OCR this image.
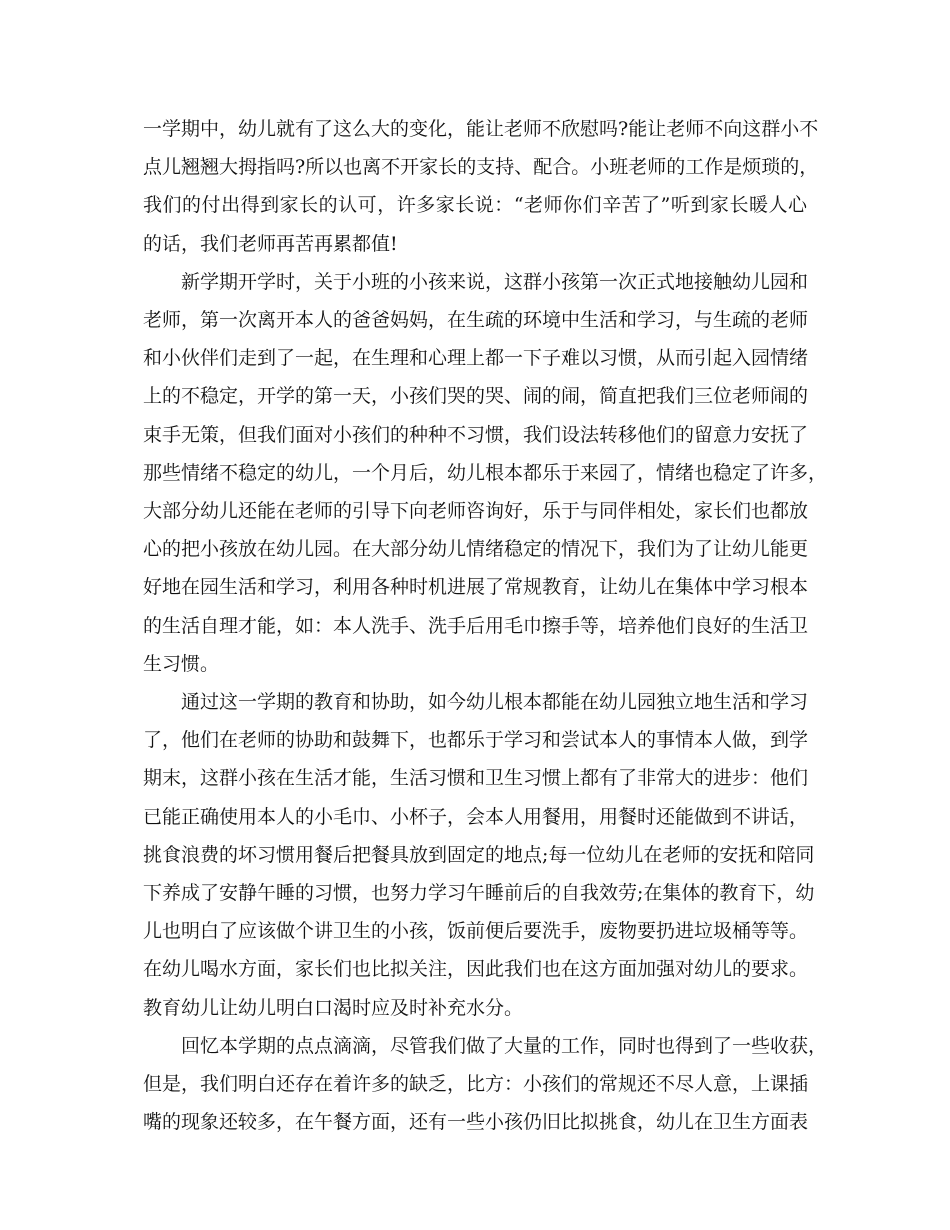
一学期中，幼儿就有了这么大的变化，能让老师不欣慰吗?能让老师不向这群小不
点儿翘翘大拇指吗?所以也离不开家长的支持、配合。小班老师的工作是烦琐的，
我们的付出得到家长的认可，许多家长说：“老师你们辛苦了”听到家长暖人心
的话，我们老师再苦再累都值!
新学期开学时，关于小班的小孩来说，这群小孩第一次正式地接触幼儿园和
老师，第一次离开本人的爸爸妈妈，在生疏的环境中生活和学习，与生疏的老师
和小伙伴们走到了一起，在生理和心理上都一下子难以习惯，从而引起入园情绪
上的不稳定，开学的第一天，小孩们哭的哭、闹的闹，简直把我们三位老师闹的
束手无策，但我们面对小孩们的种种不习惯，我们设法转移他们的留意力安抚了
那些情绪不稳定的幼儿，一个月后，幼儿根本都乐于来园了，情绪也稳定了许多，
大部分幼儿还能在老师的引导下向老师咨询好，乐于与同伴相处，家长们也都放
心的把小孩放在幼儿园。在大部分幼儿情绪稳定的情况下，我们为了让幼儿能更
好地在园生活和学习，利用各种时机进展了常规教育，让幼儿在集体中学习根本
的生活自理才能，如：本人洗手、洗手后用毛巾擦手等，培养他们良好的生活卫
生习惯。
通过这一学期的教育和协助，如今幼儿根本都能在幼儿园独立地生活和学习
了，他们在老师的协助和鼓舞下，也都乐于学习和尝试本人的事情本人做，到学
期末，这群小孩在生活才能，生活习惯和卫生习惯上都有了非常大的进步：他们
已能正确使用本人的小毛巾、小杯子，会本人用餐用，用餐时还能做到不讲话，
挑食浪费的坏习惯用餐后把餐具放到固定的地点;每一位幼儿在老师的安抚和陪同
下养成了安静午睡的习惯，也努力学习午睡前后的自我效劳;在集体的教育下，幼
儿也明白了应该做个讲卫生的小孩，饭前便后要洗手，废物要扔进垃圾桶等等。
在幼儿喝水方面，家长们也比拟关注，因此我们也在这方面加强对幼儿的要求。
教育幼儿让幼儿明白口渴时应及时补充水分。
回忆本学期的点点滴滴，尽管我们做了大量的工作，同时也得到了一些收获，
但是，我们明白还存在着许多的缺乏，比方：小孩们的常规还不尽人意，上课插
嘴的现象还较多，在午餐方面，还有一些小孩仍旧比拟挑食，幼儿在卫生方面表
